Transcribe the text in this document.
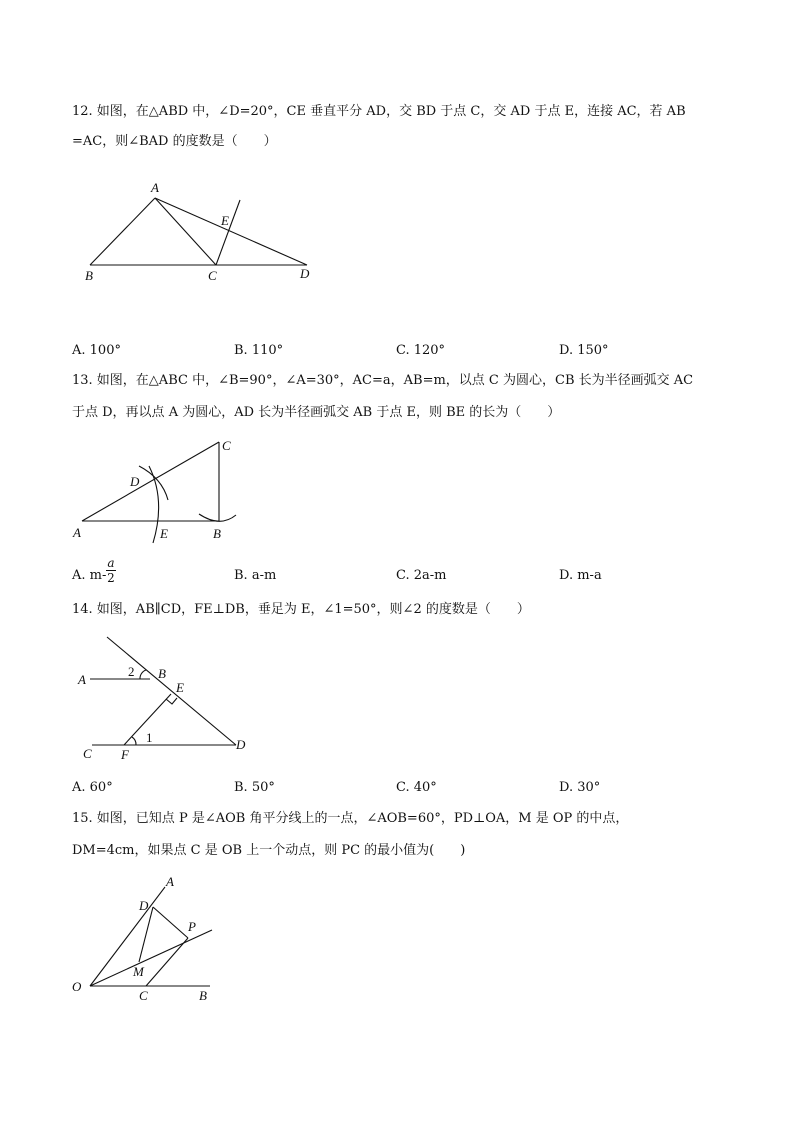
12. 如图，在△ABD 中，∠D=20°，CE 垂直平分 AD，交 BD 于点 C，交 AD 于点 E，连接 AC，若 AB
=AC，则∠BAD 的度数是（　　）
A
B	C	D
E
D
A	E	B
C
A
2 B
E
1
C F
D
A
D
P
M
O
C	B
A. 100°	B. 110°	C. 120°	D. 150°
13. 如图，在△ABC 中，∠B=90°，∠A=30°，AC=a，AB=m，以点 C 为圆心，CB 长为半径画弧交 AC
于点 D，再以点 A 为圆心，AD 长为半径画弧交 AB 于点 E，则 BE 的长为（　　）
A. m-
a
2	B. a-m	C. 2a-m	D. m-a
14. 如图，AB∥CD，FE⊥DB，垂足为 E，∠1=50°，则∠2 的度数是（　　）
A. 60°	B. 50°	C. 40°	D. 30°
15. 如图，已知点 P 是∠AOB 角平分线上的一点，∠AOB=60°，PD⊥OA，M 是 OP 的中点，
DM=4cm，如果点 C 是 OB 上一个动点，则 PC 的最小值为(　　)
